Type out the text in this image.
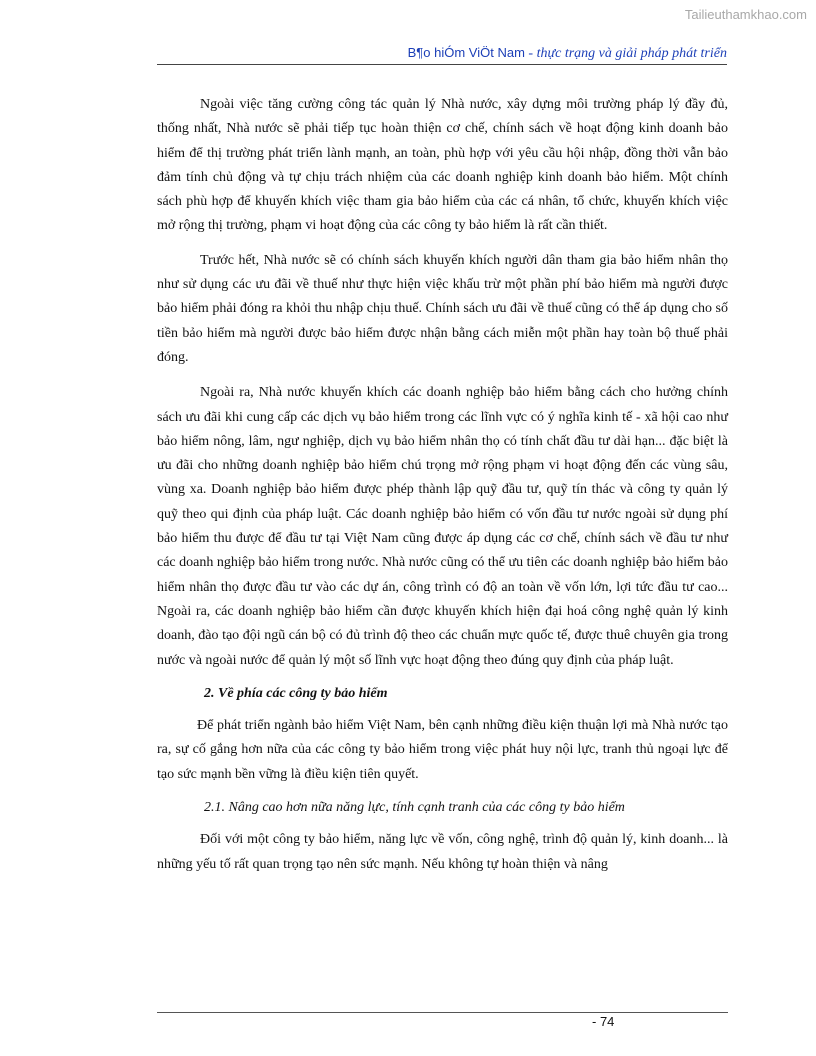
Tailieuthamkhao.com
B¶o hiÓm ViÖt Nam - thực trạng và giải pháp phát triển

Ngoài việc tăng cường công tác quản lý Nhà nước, xây dựng môi trường pháp lý đầy đủ, thống nhất, Nhà nước sẽ phải tiếp tục hoàn thiện cơ chế, chính sách về hoạt động kinh doanh bảo hiểm để thị trường phát triển lành mạnh, an toàn, phù hợp với yêu cầu hội nhập, đồng thời vẫn bảo đảm tính chủ động và tự chịu trách nhiệm của các doanh nghiệp kinh doanh bảo hiểm. Một chính sách phù hợp để khuyến khích việc tham gia bảo hiểm của các cá nhân, tổ chức, khuyến khích việc mở rộng thị trường, phạm vi hoạt động của các công ty bảo hiểm là rất cần thiết.

Trước hết, Nhà nước sẽ có chính sách khuyến khích người dân tham gia bảo hiểm nhân thọ như sử dụng các ưu đãi về thuế như thực hiện việc khấu trừ một phần phí bảo hiểm mà người được bảo hiểm phải đóng ra khỏi thu nhập chịu thuế. Chính sách ưu đãi về thuế cũng có thể áp dụng cho số tiền bảo hiểm mà người được bảo hiểm được nhận bằng cách miễn một phần hay toàn bộ thuế phải đóng.

Ngoài ra, Nhà nước khuyến khích các doanh nghiệp bảo hiểm bằng cách cho hưởng chính sách ưu đãi khi cung cấp các dịch vụ bảo hiểm trong các lĩnh vực có ý nghĩa kinh tế - xã hội cao như bảo hiểm nông, lâm, ngư nghiệp, dịch vụ bảo hiểm nhân thọ có tính chất đầu tư dài hạn... đặc biệt là ưu đãi cho những doanh nghiệp bảo hiểm chú trọng mở rộng phạm vi hoạt động đến các vùng sâu, vùng xa. Doanh nghiệp bảo hiểm được phép thành lập quỹ đầu tư, quỹ tín thác và công ty quản lý quỹ theo qui định của pháp luật. Các doanh nghiệp bảo hiểm có vốn đầu tư nước ngoài sử dụng phí bảo hiểm thu được để đầu tư tại Việt Nam cũng được áp dụng các cơ chế, chính sách về đầu tư như các doanh nghiệp bảo hiểm trong nước. Nhà nước cũng có thể ưu tiên các doanh nghiệp bảo hiểm bảo hiểm nhân thọ được đầu tư vào các dự án, công trình có độ an toàn về vốn lớn, lợi tức đầu tư cao... Ngoài ra, các doanh nghiệp bảo hiểm cần được khuyến khích hiện đại hoá công nghệ quản lý kinh doanh, đào tạo đội ngũ cán bộ có đủ trình độ theo các chuẩn mực quốc tế, được thuê chuyên gia trong nước và ngoài nước để quản lý một số lĩnh vực hoạt động theo đúng quy định của pháp luật.

2. Về phía các công ty bảo hiểm

Để phát triển ngành bảo hiểm Việt Nam, bên cạnh những điều kiện thuận lợi mà Nhà nước tạo ra, sự cố gắng hơn nữa của các công ty bảo hiểm trong việc phát huy nội lực, tranh thủ ngoại lực để tạo sức mạnh bền vững là điều kiện tiên quyết.

2.1. Nâng cao hơn nữa năng lực, tính cạnh tranh của các công ty bảo hiểm

Đối với một công ty bảo hiểm, năng lực về vốn, công nghệ, trình độ quản lý, kinh doanh... là những yếu tố rất quan trọng tạo nên sức mạnh. Nếu không tự hoàn thiện và nâng

- 74
